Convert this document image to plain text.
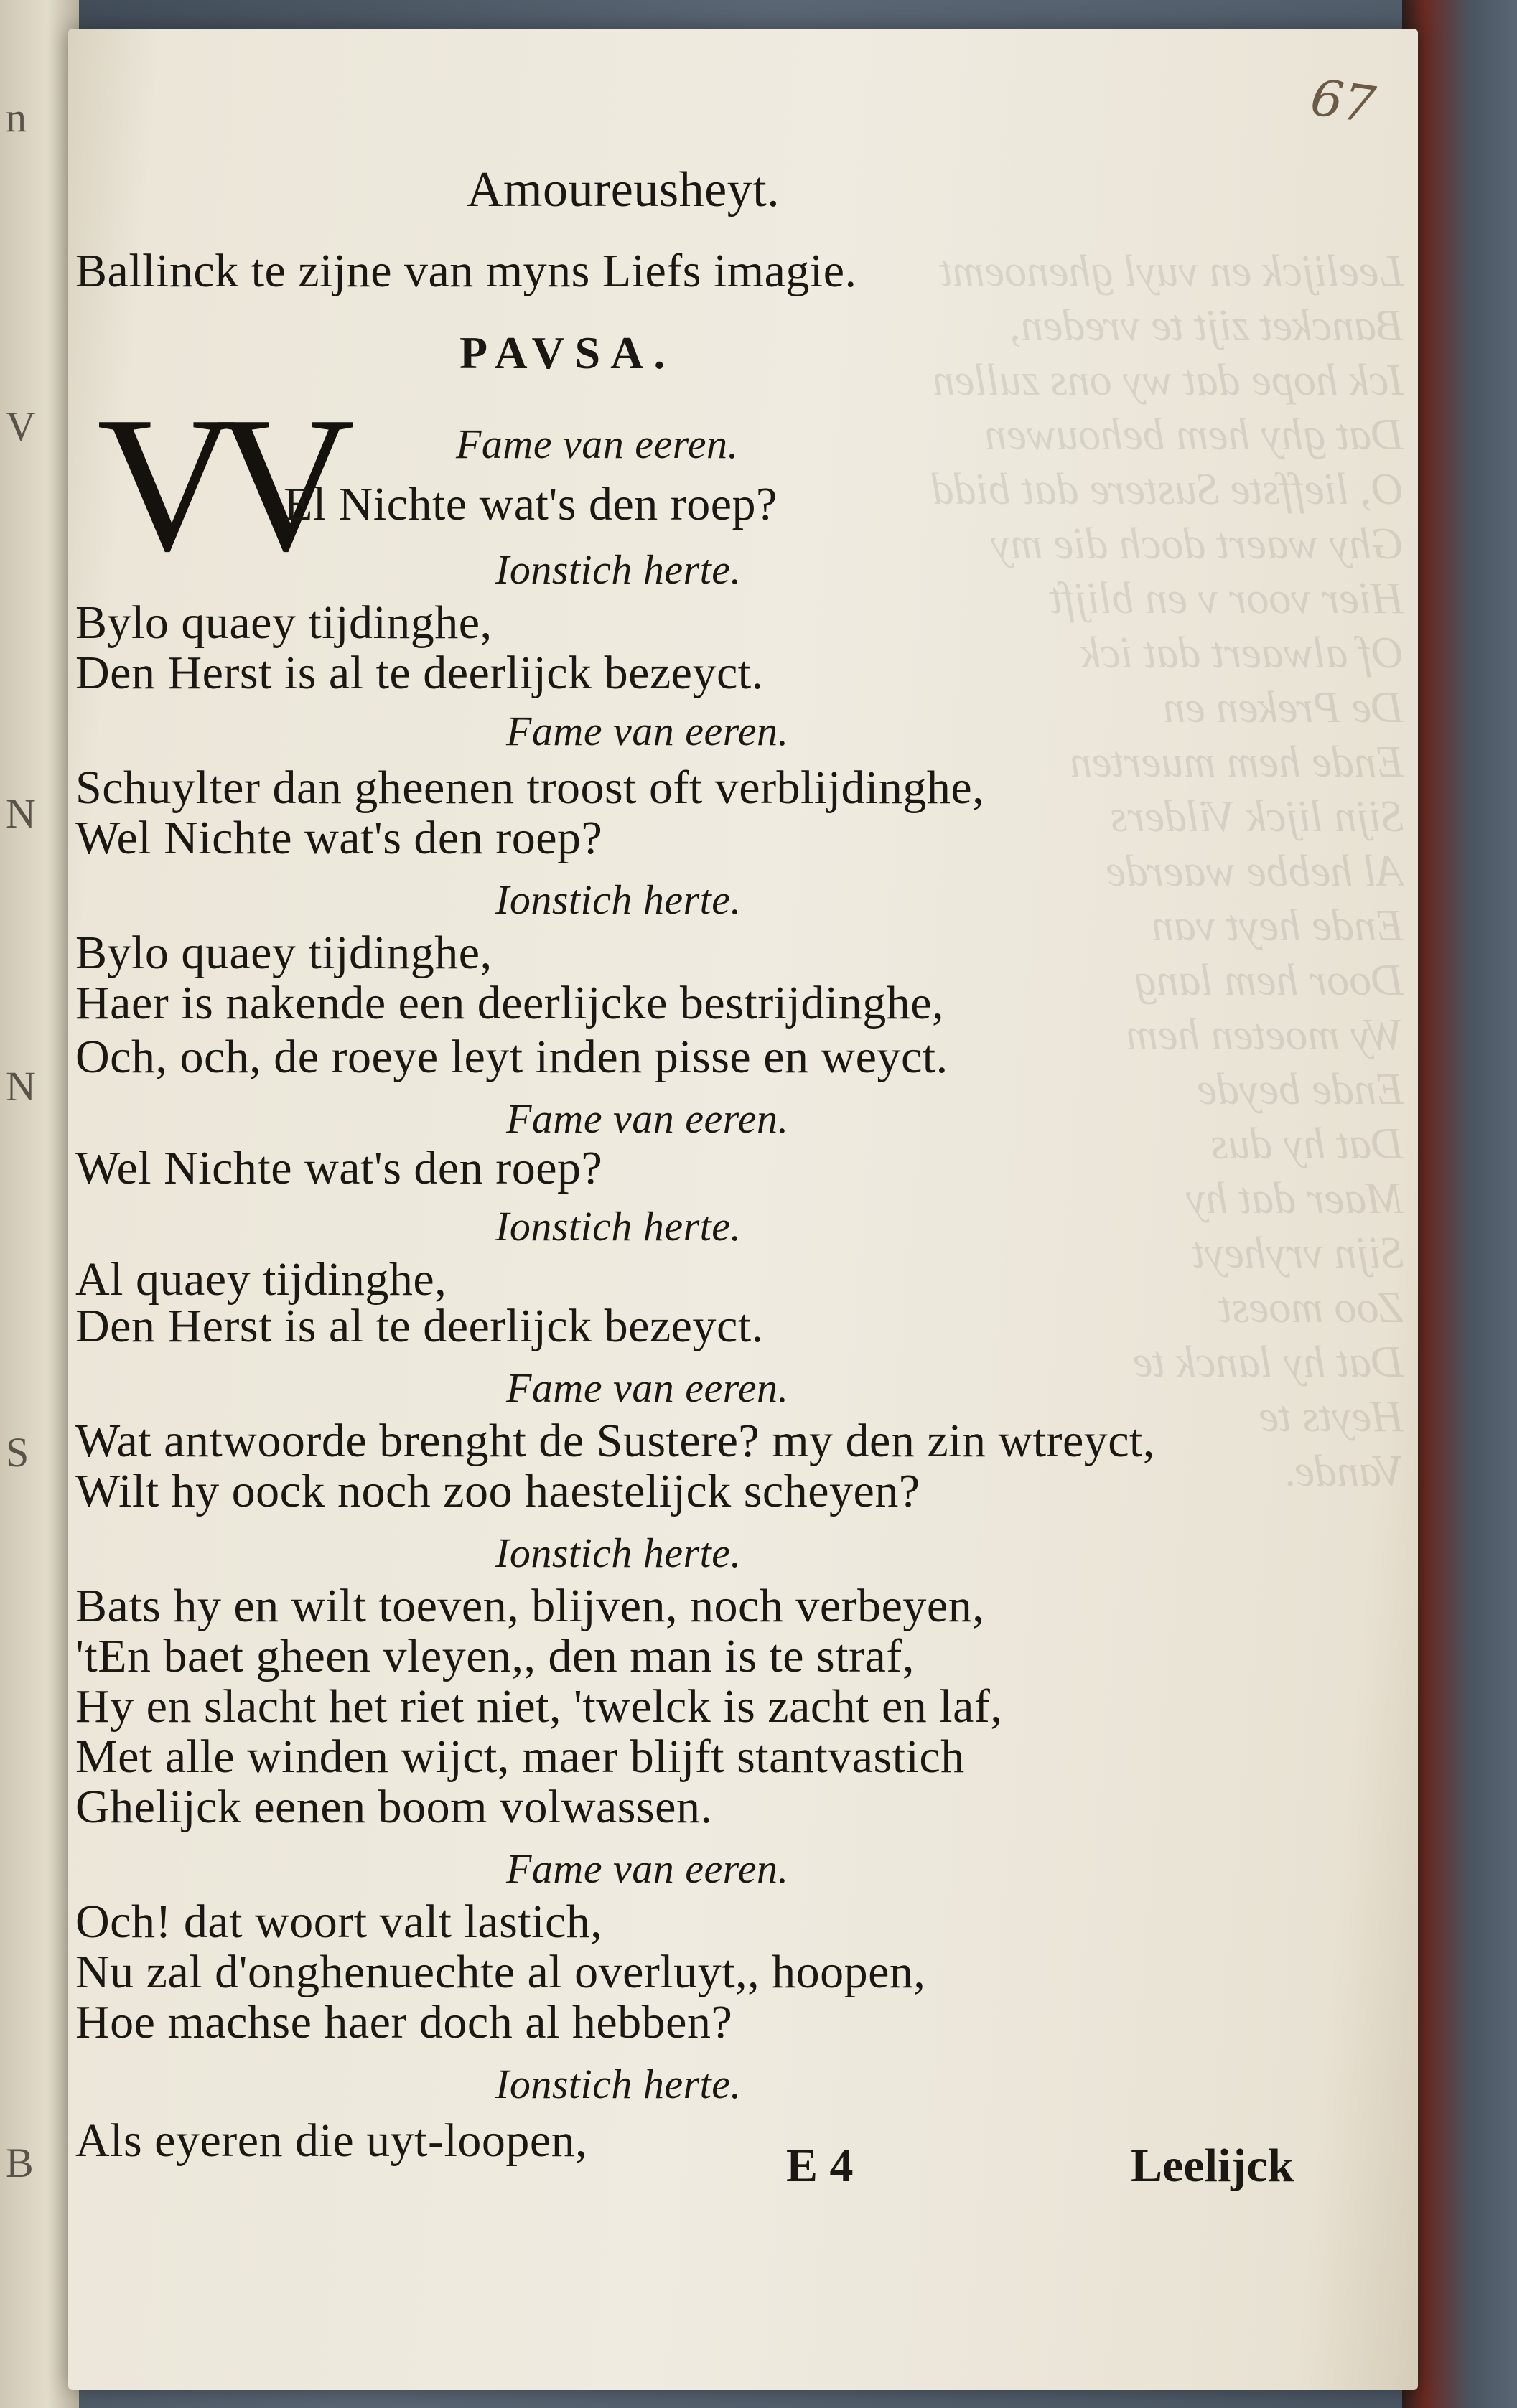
n
V
N
N
S
B
Leelijck en vuyl ghenoemt
Bancket zijt te vreden,
Ick hope dat wy ons zullen
Dat ghy hem behouwen
O, lieffste Sustere dat bidd
Ghy waert doch die my
Hier voor v en blijft
Of alwaert dat ick
De Preken en
Ende hem muerten
Sijn lijck Vilders
Al hebbe waerde
Ende heyt van
Door hem lang
Wy moeten hem
Ende beyde
Dat hy dus
Maer dat hy
Sijn vryheyt
Zoo moest
Dat hy lanck te
Heyts te
Vande.
67
Amoureusheyt.
Ballinck te zijne van myns Liefs imagie.
PAVSA.
VV	Fame van eeren.
El Nichte wat's den roep?
Ionstich herte.
Bylo quaey tijdinghe,
Den Herst is al te deerlijck bezeyct.
Fame van eeren.
Schuylter dan gheenen troost oft verblijdinghe,
Wel Nichte wat's den roep?
Ionstich herte.
Bylo quaey tijdinghe,
Haer is nakende een deerlijcke bestrijdinghe,
Och, och, de roeye leyt inden pisse en weyct.
Fame van eeren.
Wel Nichte wat's den roep?
Ionstich herte.
Al quaey tijdinghe,
Den Herst is al te deerlijck bezeyct.
Fame van eeren.
Wat antwoorde brenght de Sustere? my den zin wtreyct,
Wilt hy oock noch zoo haestelijck scheyen?
Ionstich herte.
Bats hy en wilt toeven, blijven, noch verbeyen,
'tEn baet gheen vleyen,, den man is te straf,
Hy en slacht het riet niet, 'twelck is zacht en laf,
Met alle winden wijct, maer blijft stantvastich
Ghelijck eenen boom volwassen.
Fame van eeren.
Och! dat woort valt lastich,
Nu zal d'onghenuechte al overluyt,, hoopen,
Hoe machse haer doch al hebben?
Ionstich herte.
Als eyeren die uyt-loopen,	E 4	Leelijck
